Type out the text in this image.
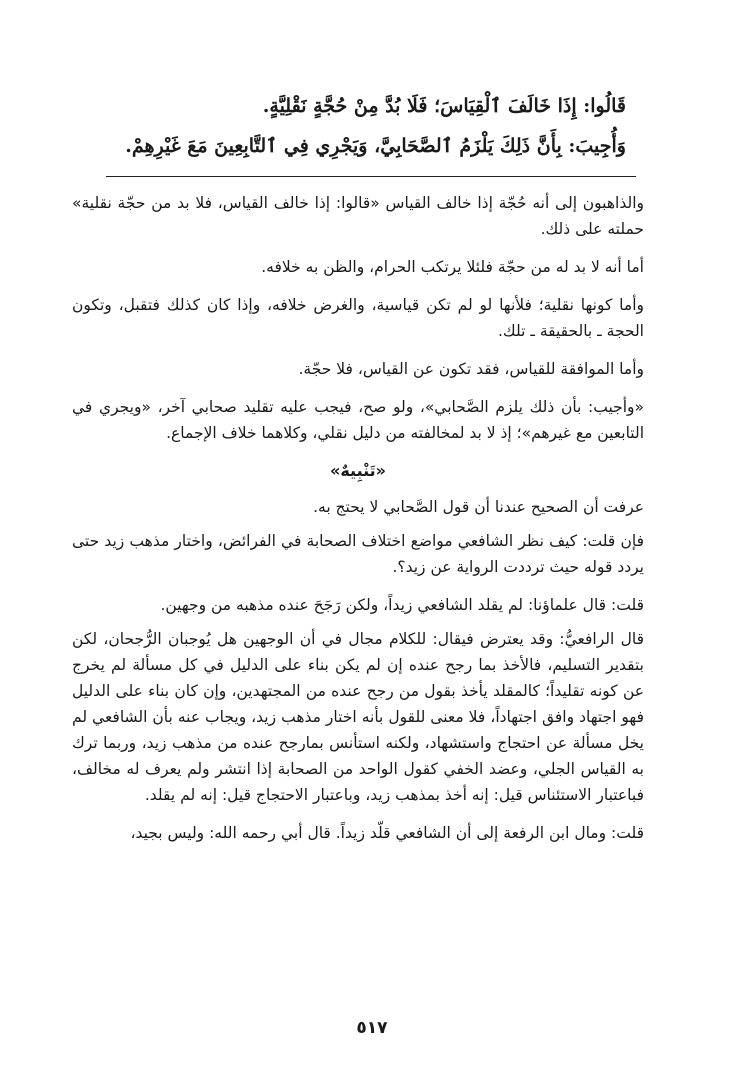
قَالُوا: إِذَا خَالَفَ ٱلْقِيَاسَ؛ فَلَا بُدَّ مِنْ حُجَّةٍ نَقْلِيَّةٍ.

وَأُجِيبَ: بِأَنَّ ذَلِكَ يَلْزَمُ ٱلصَّحَابِيَّ، وَيَجْرِي فِي ٱلتَّابِعِينَ مَعَ غَيْرِهِمْ.

والذاهبون إلى أنه حُجّة إذا خالف القياس «قالوا: إذا خالف القياس، فلا بد من حجّة نقلية» حملته على ذلك.

أما أنه لا بد له من حجّة فلئلا يرتكب الحرام، والظن به خلافه.

وأما كونها نقلية؛ فلأنها لو لم تكن قياسية، والغرض خلافه، وإذا كان كذلك فتقبل، وتكون الحجة ـ بالحقيقة ـ تلك.

وأما الموافقة للقياس، فقد تكون عن القياس، فلا حجّة.

«وأجيب: بأن ذلك يلزم الصَّحابي»، ولو صح، فيجب عليه تقليد صحابي آخر، «ويجري في التابعين مع غيرهم»؛ إذ لا بد لمخالفته من دليل نقلي، وكلاهما خلاف الإجماع.

«تَنْبِيهٌ»

عرفت أن الصحيح عندنا أن قول الصَّحابي لا يحتج به.

فإن قلت: كيف نظر الشافعي مواضع اختلاف الصحابة في الفرائض، واختار مذهب زيد حتى يردد قوله حيث ترددت الرواية عن زيد؟.

قلت: قال علماؤنا: لم يقلد الشافعي زيداً، ولكن رَجَحَ عنده مذهبه من وجهين.

قال الرافعيُّ: وقد يعترض فيقال: للكلام مجال في أن الوجهين هل يُوجبان الرُّجحان، لكن بتقدير التسليم، فالأخذ بما رجح عنده إن لم يكن بناء على الدليل في كل مسألة لم يخرج عن كونه تقليداً؛ كالمقلد يأخذ بقول من رجح عنده من المجتهدين، وإن كان بناء على الدليل فهو اجتهاد وافق اجتهاداً، فلا معنى للقول بأنه اختار مذهب زيد، ويجاب عنه بأن الشافعي لم يخل مسألة عن احتجاج واستشهاد، ولكنه استأنس بمارجح عنده من مذهب زيد، وربما ترك به القياس الجلي، وعضد الخفي كقول الواحد من الصحابة إذا انتشر ولم يعرف له مخالف، فباعتبار الاستئناس قيل: إنه أخذ بمذهب زيد، وباعتبار الاحتجاج قيل: إنه لم يقلد.

قلت: ومال ابن الرفعة إلى أن الشافعي قلّد زيداً. قال أبي رحمه الله: وليس بجيد،

٥١٧
